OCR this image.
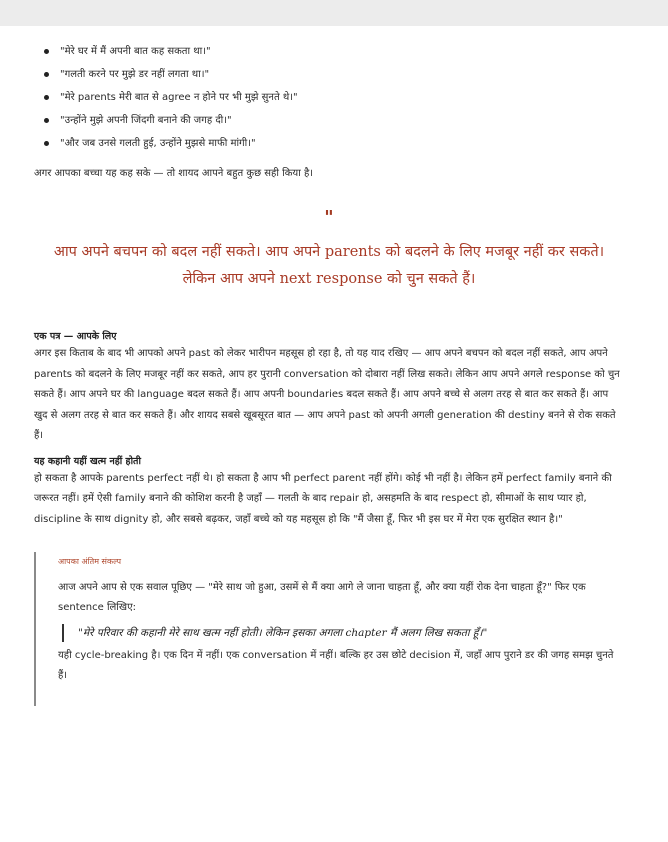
"मेरे घर में मैं अपनी बात कह सकता था।"
"गलती करने पर मुझे डर नहीं लगता था।"
"मेरे parents मेरी बात से agree न होने पर भी मुझे सुनते थे।"
"उन्होंने मुझे अपनी जिंदगी बनाने की जगह दी।"
"और जब उनसे गलती हुई, उन्होंने मुझसे माफी मांगी।"

अगर आपका बच्चा यह कह सके — तो शायद आपने बहुत कुछ सही किया है।

"

आप अपने बचपन को बदल नहीं सकते। आप अपने parents को बदलने के लिए मजबूर नहीं कर सकते। लेकिन आप अपने next response को चुन सकते हैं।

एक पत्र — आपके लिए

अगर इस किताब के बाद भी आपको अपने past को लेकर भारीपन महसूस हो रहा है, तो यह याद रखिए — आप अपने बचपन को बदल नहीं सकते, आप अपने parents को बदलने के लिए मजबूर नहीं कर सकते, आप हर पुरानी conversation को दोबारा नहीं लिख सकते। लेकिन आप अपने अगले response को चुन सकते हैं। आप अपने घर की language बदल सकते हैं। आप अपनी boundaries बदल सकते हैं। आप अपने बच्चे से अलग तरह से बात कर सकते हैं। आप खुद से अलग तरह से बात कर सकते हैं। और शायद सबसे खूबसूरत बात — आप अपने past को अपनी अगली generation की destiny बनने से रोक सकते हैं।

यह कहानी यहीं खत्म नहीं होती

हो सकता है आपके parents perfect नहीं थे। हो सकता है आप भी perfect parent नहीं होंगे। कोई भी नहीं है। लेकिन हमें perfect family बनाने की जरूरत नहीं। हमें ऐसी family बनाने की कोशिश करनी है जहाँ — गलती के बाद repair हो, असहमति के बाद respect हो, सीमाओं के साथ प्यार हो, discipline के साथ dignity हो, और सबसे बढ़कर, जहाँ बच्चे को यह महसूस हो कि "मैं जैसा हूँ, फिर भी इस घर में मेरा एक सुरक्षित स्थान है।"

आपका अंतिम संकल्प

आज अपने आप से एक सवाल पूछिए — "मेरे साथ जो हुआ, उसमें से मैं क्या आगे ले जाना चाहता हूँ, और क्या यहीं रोक देना चाहता हूँ?" फिर एक sentence लिखिए:

"मेरे परिवार की कहानी मेरे साथ खत्म नहीं होती। लेकिन इसका अगला chapter मैं अलग लिख सकता हूँ।"

यही cycle-breaking है। एक दिन में नहीं। एक conversation में नहीं। बल्कि हर उस छोटे decision में, जहाँ आप पुराने डर की जगह समझ चुनते हैं।
